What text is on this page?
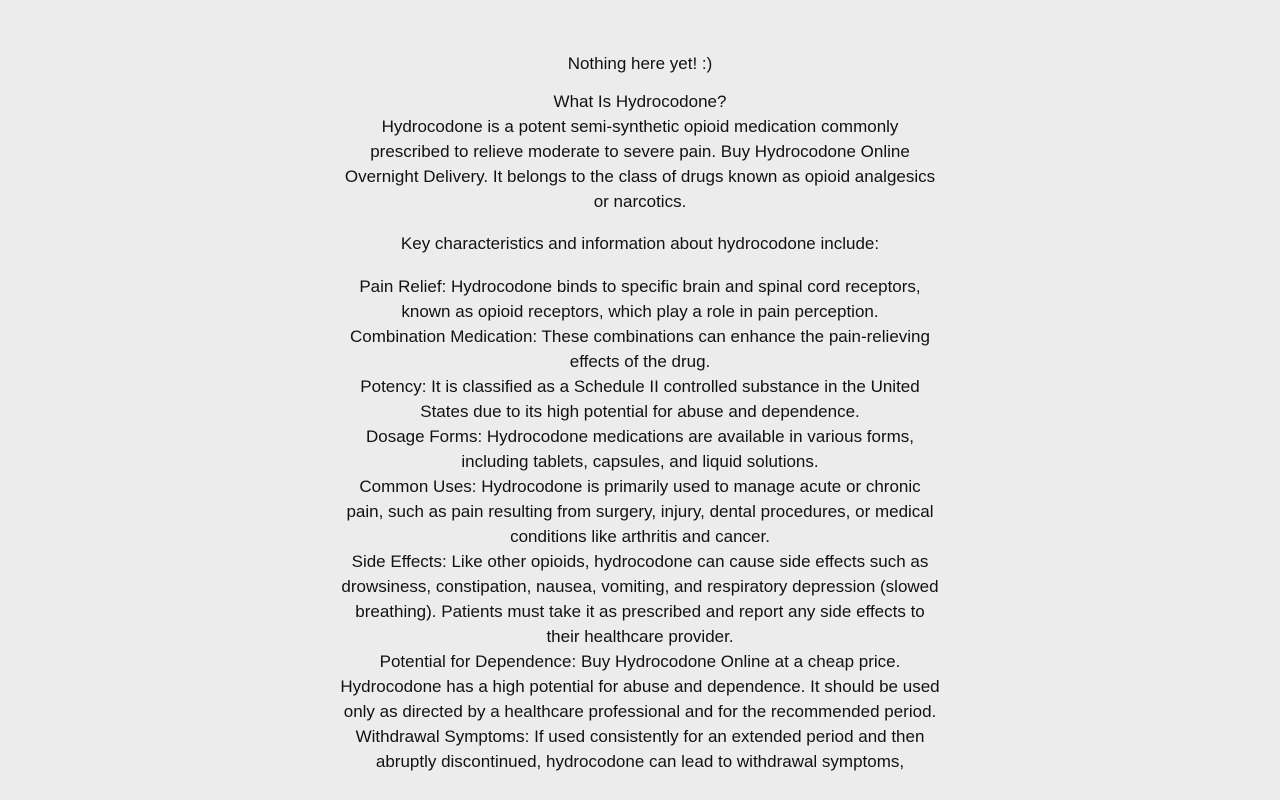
Nothing here yet! :)

What Is Hydrocodone?
Hydrocodone is a potent semi-synthetic opioid medication commonly prescribed to relieve moderate to severe pain. Buy Hydrocodone Online Overnight Delivery. It belongs to the class of drugs known as opioid analgesics or narcotics.

Key characteristics and information about hydrocodone include:

Pain Relief: Hydrocodone binds to specific brain and spinal cord receptors, known as opioid receptors, which play a role in pain perception.
Combination Medication: These combinations can enhance the pain-relieving effects of the drug.
Potency: It is classified as a Schedule II controlled substance in the United States due to its high potential for abuse and dependence.
Dosage Forms: Hydrocodone medications are available in various forms, including tablets, capsules, and liquid solutions.
Common Uses: Hydrocodone is primarily used to manage acute or chronic pain, such as pain resulting from surgery, injury, dental procedures, or medical conditions like arthritis and cancer.
Side Effects: Like other opioids, hydrocodone can cause side effects such as drowsiness, constipation, nausea, vomiting, and respiratory depression (slowed breathing). Patients must take it as prescribed and report any side effects to their healthcare provider.
Potential for Dependence: Buy Hydrocodone Online at a cheap price. Hydrocodone has a high potential for abuse and dependence. It should be used only as directed by a healthcare professional and for the recommended period.
Withdrawal Symptoms: If used consistently for an extended period and then abruptly discontinued, hydrocodone can lead to withdrawal symptoms,
